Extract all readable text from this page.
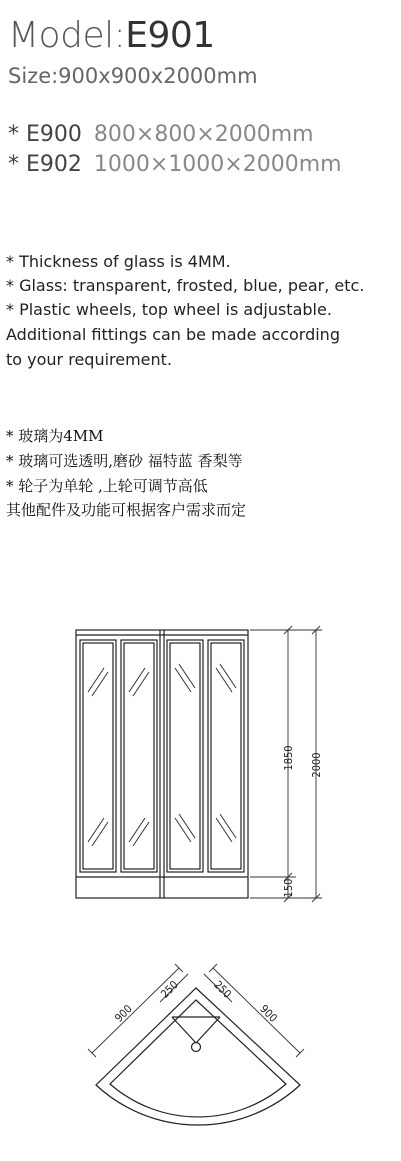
Model:E901
Size:900x900x2000mm
* E900 800×800×2000mm
* E902 1000×1000×2000mm
* Thickness of glass is 4MM.
* Glass: transparent, frosted, blue, pear, etc.
* Plastic wheels, top wheel is adjustable.
Additional fittings can be made according
to your requirement.
* 玻璃为4MM
* 玻璃可选透明,磨砂 福特蓝 香梨等
* 轮子为单轮 ,上轮可调节高低
其他配件及功能可根据客户需求而定
1850 2000
150
900
250	250
900
